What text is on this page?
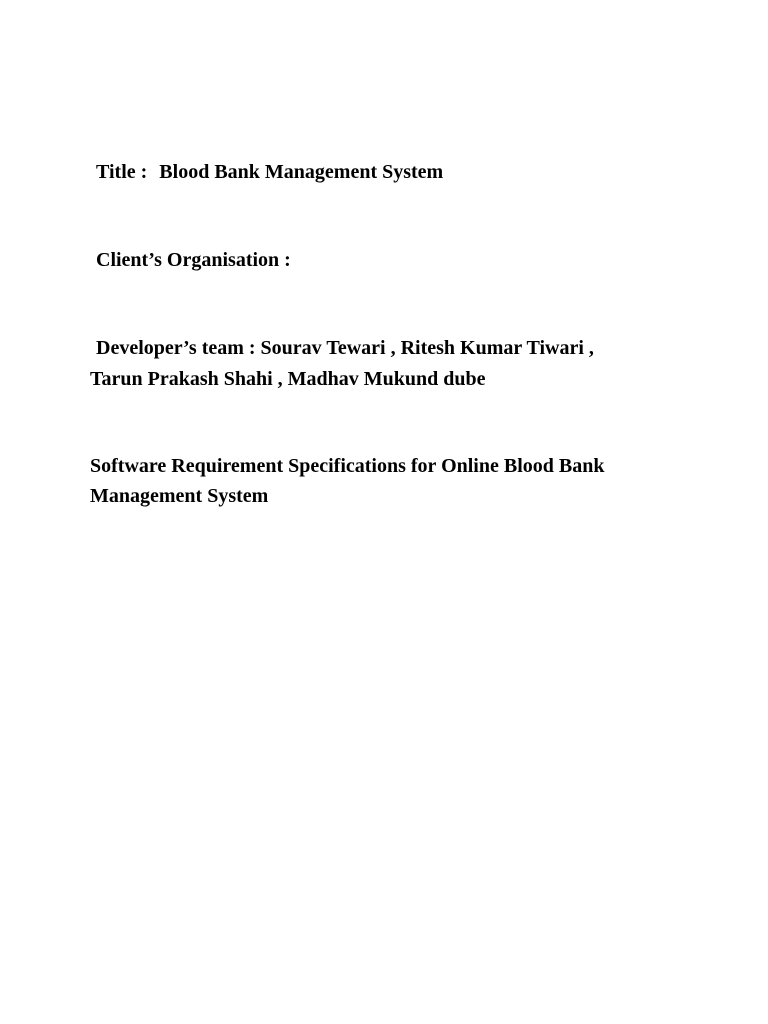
Title : Blood Bank Management System
Client’s Organisation :
Developer’s team : Sourav Tewari , Ritesh Kumar Tiwari ,
Tarun Prakash Shahi , Madhav Mukund dube
Software Requirement Specifications for Online Blood Bank
Management System
